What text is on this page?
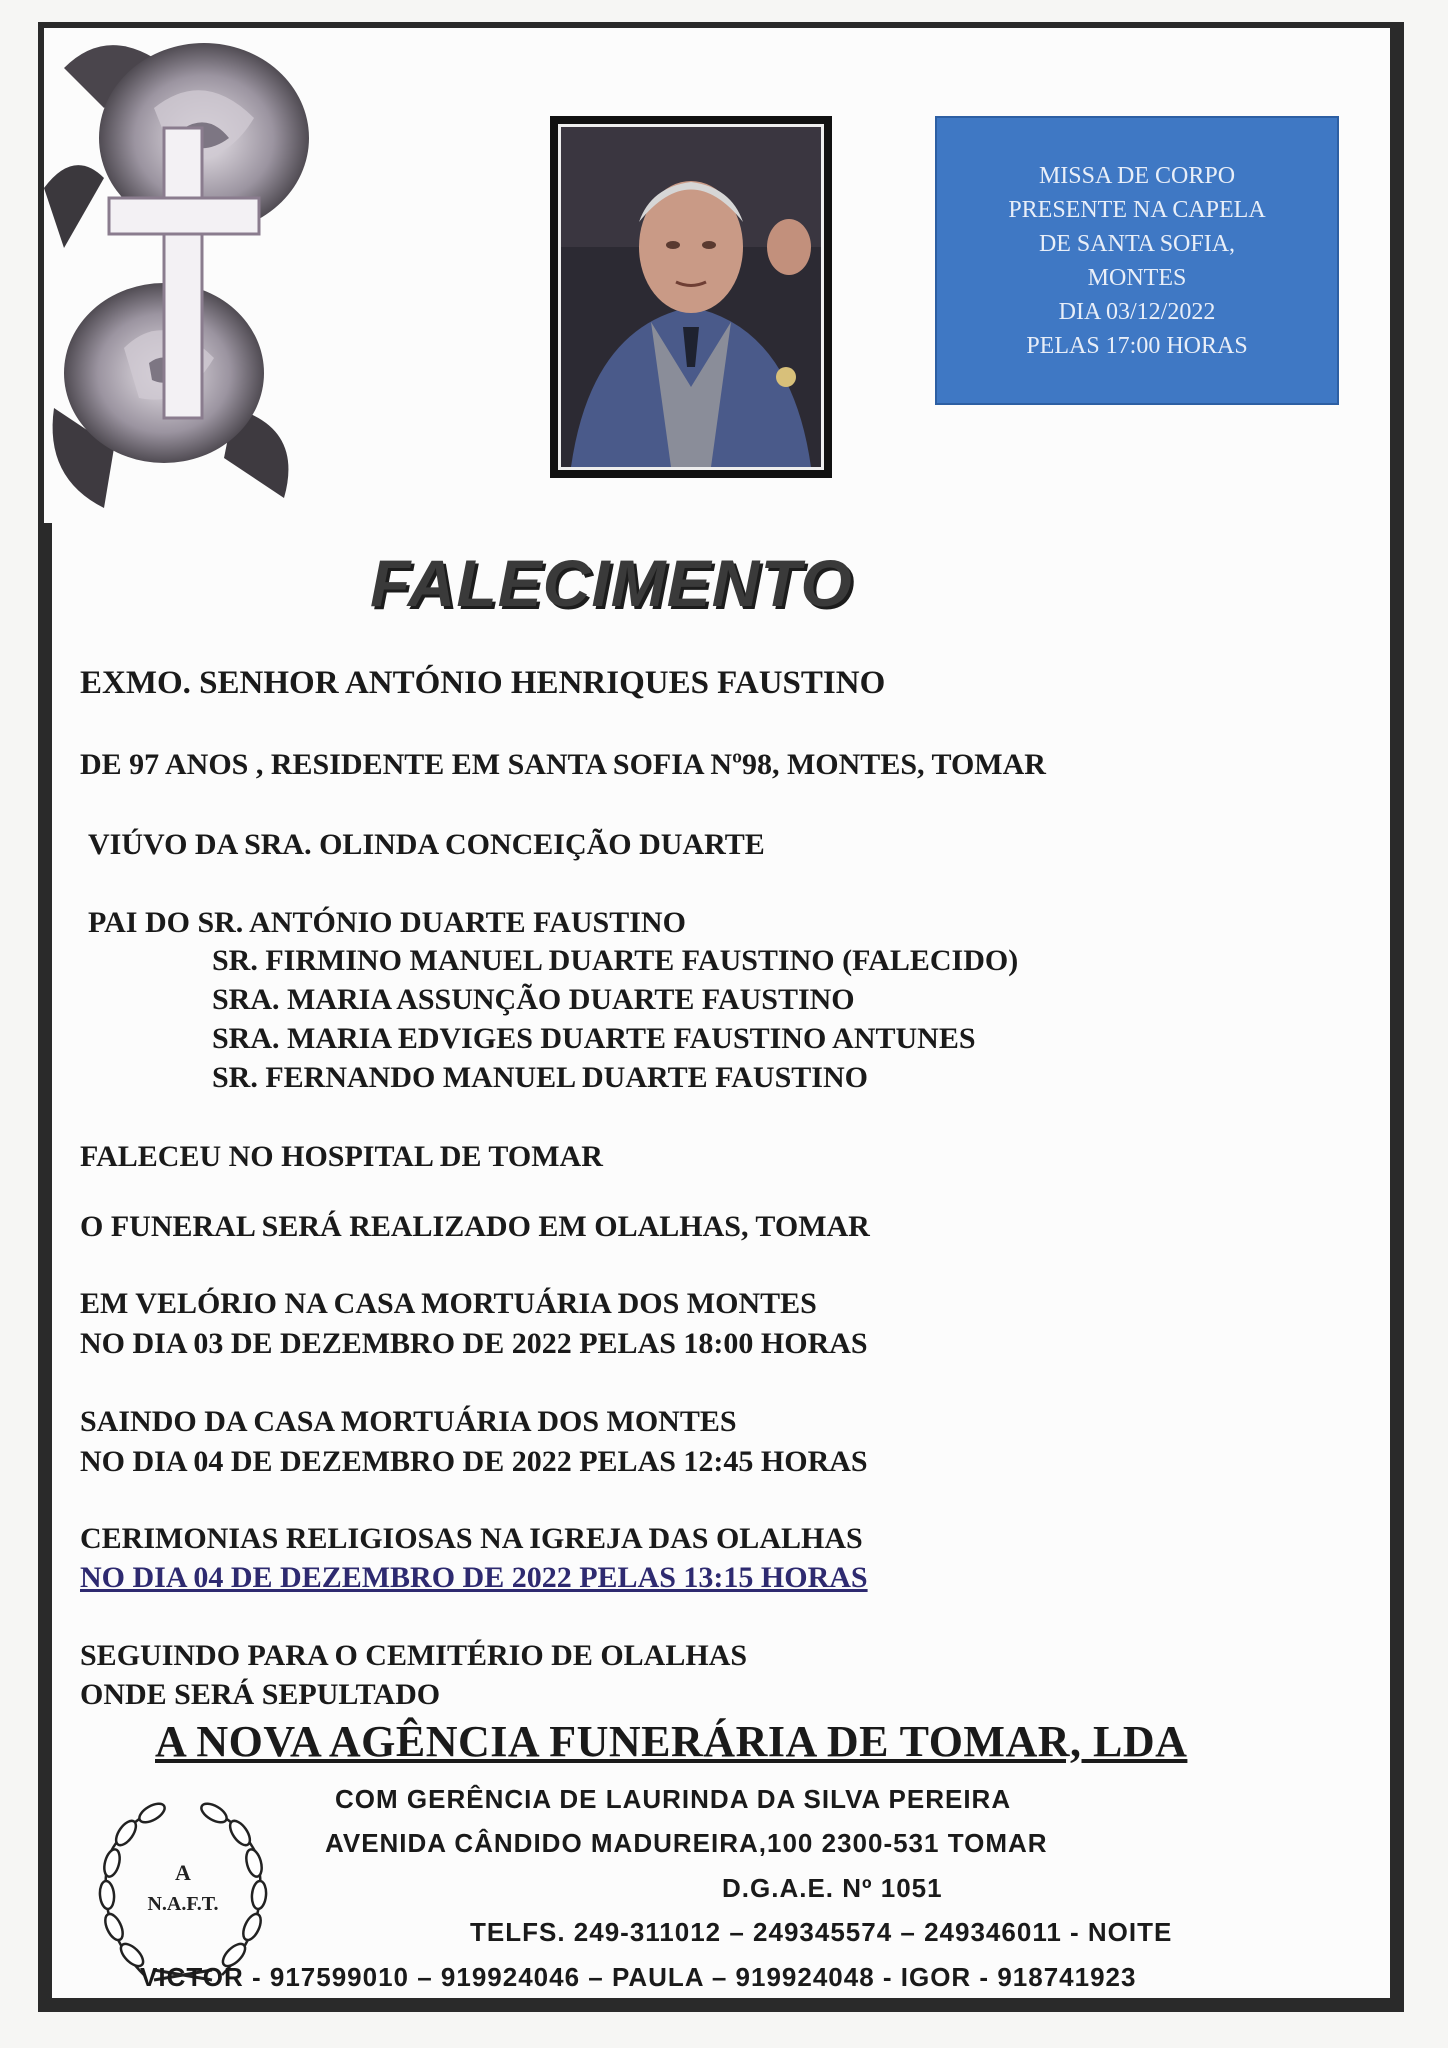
MISSA DE CORPO
PRESENTE NA CAPELA
DE SANTA SOFIA,
MONTES
DIA 03/12/2022
PELAS 17:00 HORAS
FALECIMENTO
EXMO. SENHOR ANTÓNIO HENRIQUES FAUSTINO
DE 97 ANOS , RESIDENTE EM SANTA SOFIA Nº98, MONTES, TOMAR
VIÚVO DA SRA. OLINDA CONCEIÇÃO DUARTE
PAI DO SR. ANTÓNIO DUARTE FAUSTINO
SR. FIRMINO MANUEL DUARTE FAUSTINO (FALECIDO)
SRA. MARIA ASSUNÇÃO DUARTE FAUSTINO
SRA. MARIA EDVIGES DUARTE FAUSTINO ANTUNES
SR. FERNANDO MANUEL DUARTE FAUSTINO
FALECEU NO HOSPITAL DE TOMAR
O FUNERAL SERÁ REALIZADO EM OLALHAS, TOMAR
EM VELÓRIO NA CASA MORTUÁRIA DOS MONTES
NO DIA 03 DE DEZEMBRO DE 2022 PELAS 18:00 HORAS
SAINDO DA CASA MORTUÁRIA DOS MONTES
NO DIA 04 DE DEZEMBRO DE 2022 PELAS 12:45 HORAS
CERIMONIAS RELIGIOSAS NA IGREJA DAS OLALHAS
NO DIA 04 DE DEZEMBRO DE 2022 PELAS 13:15 HORAS
SEGUINDO PARA O CEMITÉRIO DE OLALHAS
ONDE SERÁ SEPULTADO
A NOVA AGÊNCIA FUNERÁRIA DE TOMAR, LDA
A
N.A.F.T.
COM GERÊNCIA DE LAURINDA DA SILVA PEREIRA
AVENIDA CÂNDIDO MADUREIRA,100 2300-531 TOMAR
D.G.A.E. Nº 1051
TELFS. 249-311012 – 249345574 – 249346011 - NOITE
VICTOR - 917599010 – 919924046 – PAULA – 919924048 - IGOR - 918741923
